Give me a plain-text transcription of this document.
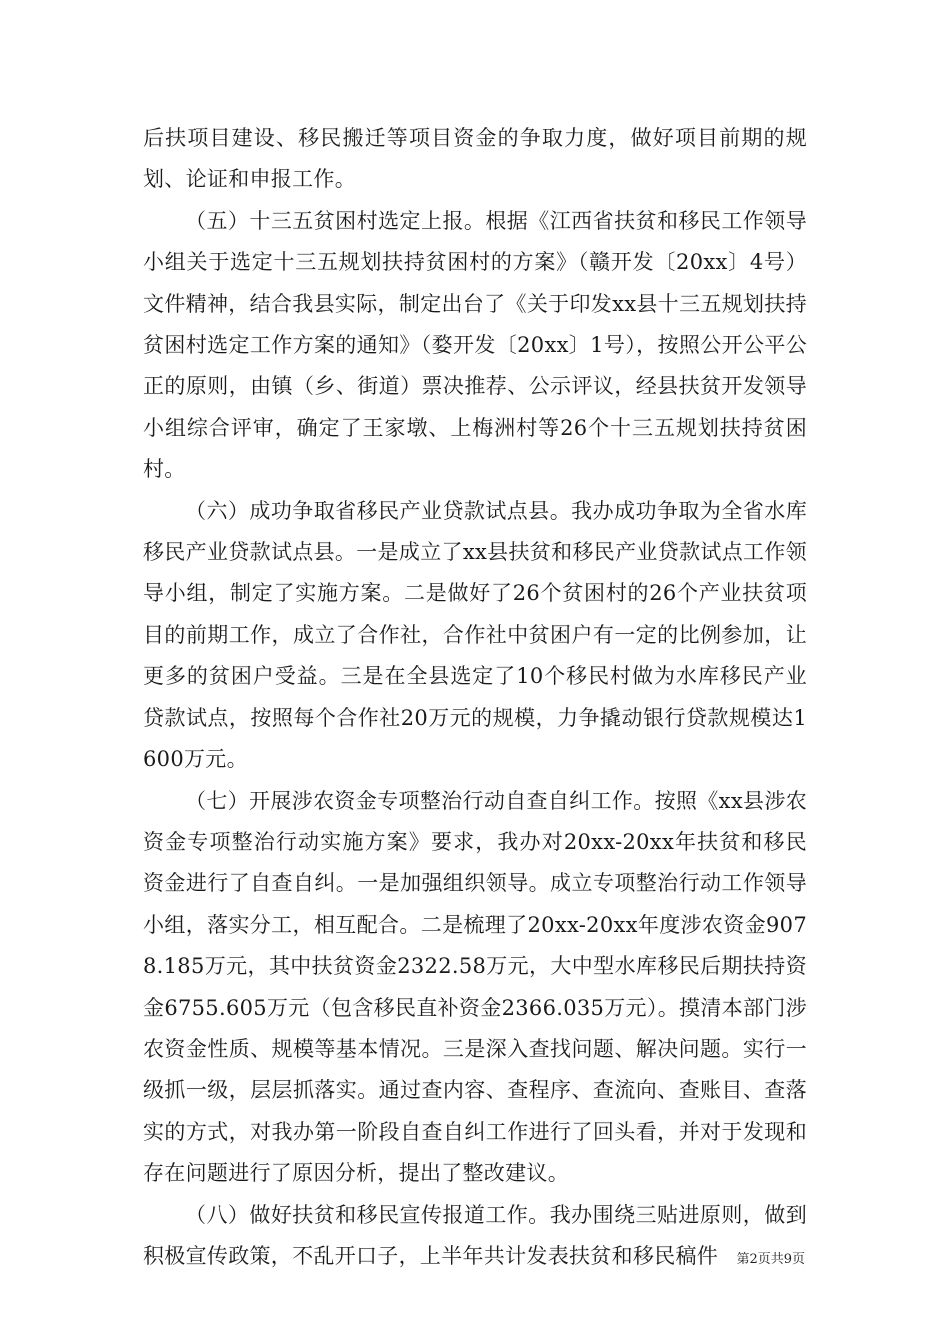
后扶项目建设、移民搬迁等项目资金的争取力度，做好项目前期的规划、论证和申报工作。

（五）十三五贫困村选定上报。根据《江西省扶贫和移民工作领导小组关于选定十三五规划扶持贫困村的方案》（赣开发〔20xx〕4号）文件精神，结合我县实际，制定出台了《关于印发xx县十三五规划扶持贫困村选定工作方案的通知》（婺开发〔20xx〕1号），按照公开公平公正的原则，由镇（乡、街道）票决推荐、公示评议，经县扶贫开发领导小组综合评审，确定了王家墩、上梅洲村等26个十三五规划扶持贫困村。

（六）成功争取省移民产业贷款试点县。我办成功争取为全省水库移民产业贷款试点县。一是成立了xx县扶贫和移民产业贷款试点工作领导小组，制定了实施方案。二是做好了26个贫困村的26个产业扶贫项目的前期工作，成立了合作社，合作社中贫困户有一定的比例参加，让更多的贫困户受益。三是在全县选定了10个移民村做为水库移民产业贷款试点，按照每个合作社20万元的规模，力争撬动银行贷款规模达1600万元。

（七）开展涉农资金专项整治行动自查自纠工作。按照《xx县涉农资金专项整治行动实施方案》要求，我办对20xx-20xx年扶贫和移民资金进行了自查自纠。一是加强组织领导。成立专项整治行动工作领导小组，落实分工，相互配合。二是梳理了20xx-20xx年度涉农资金9078.185万元，其中扶贫资金2322.58万元，大中型水库移民后期扶持资金6755.605万元（包含移民直补资金2366.035万元）。摸清本部门涉农资金性质、规模等基本情况。三是深入查找问题、解决问题。实行一级抓一级，层层抓落实。通过查内容、查程序、查流向、查账目、查落实的方式，对我办第一阶段自查自纠工作进行了回头看，并对于发现和存在问题进行了原因分析，提出了整改建议。

（八）做好扶贫和移民宣传报道工作。我办围绕三贴进原则，做到积极宣传政策，不乱开口子，上半年共计发表扶贫和移民稿件	第2页共9页
